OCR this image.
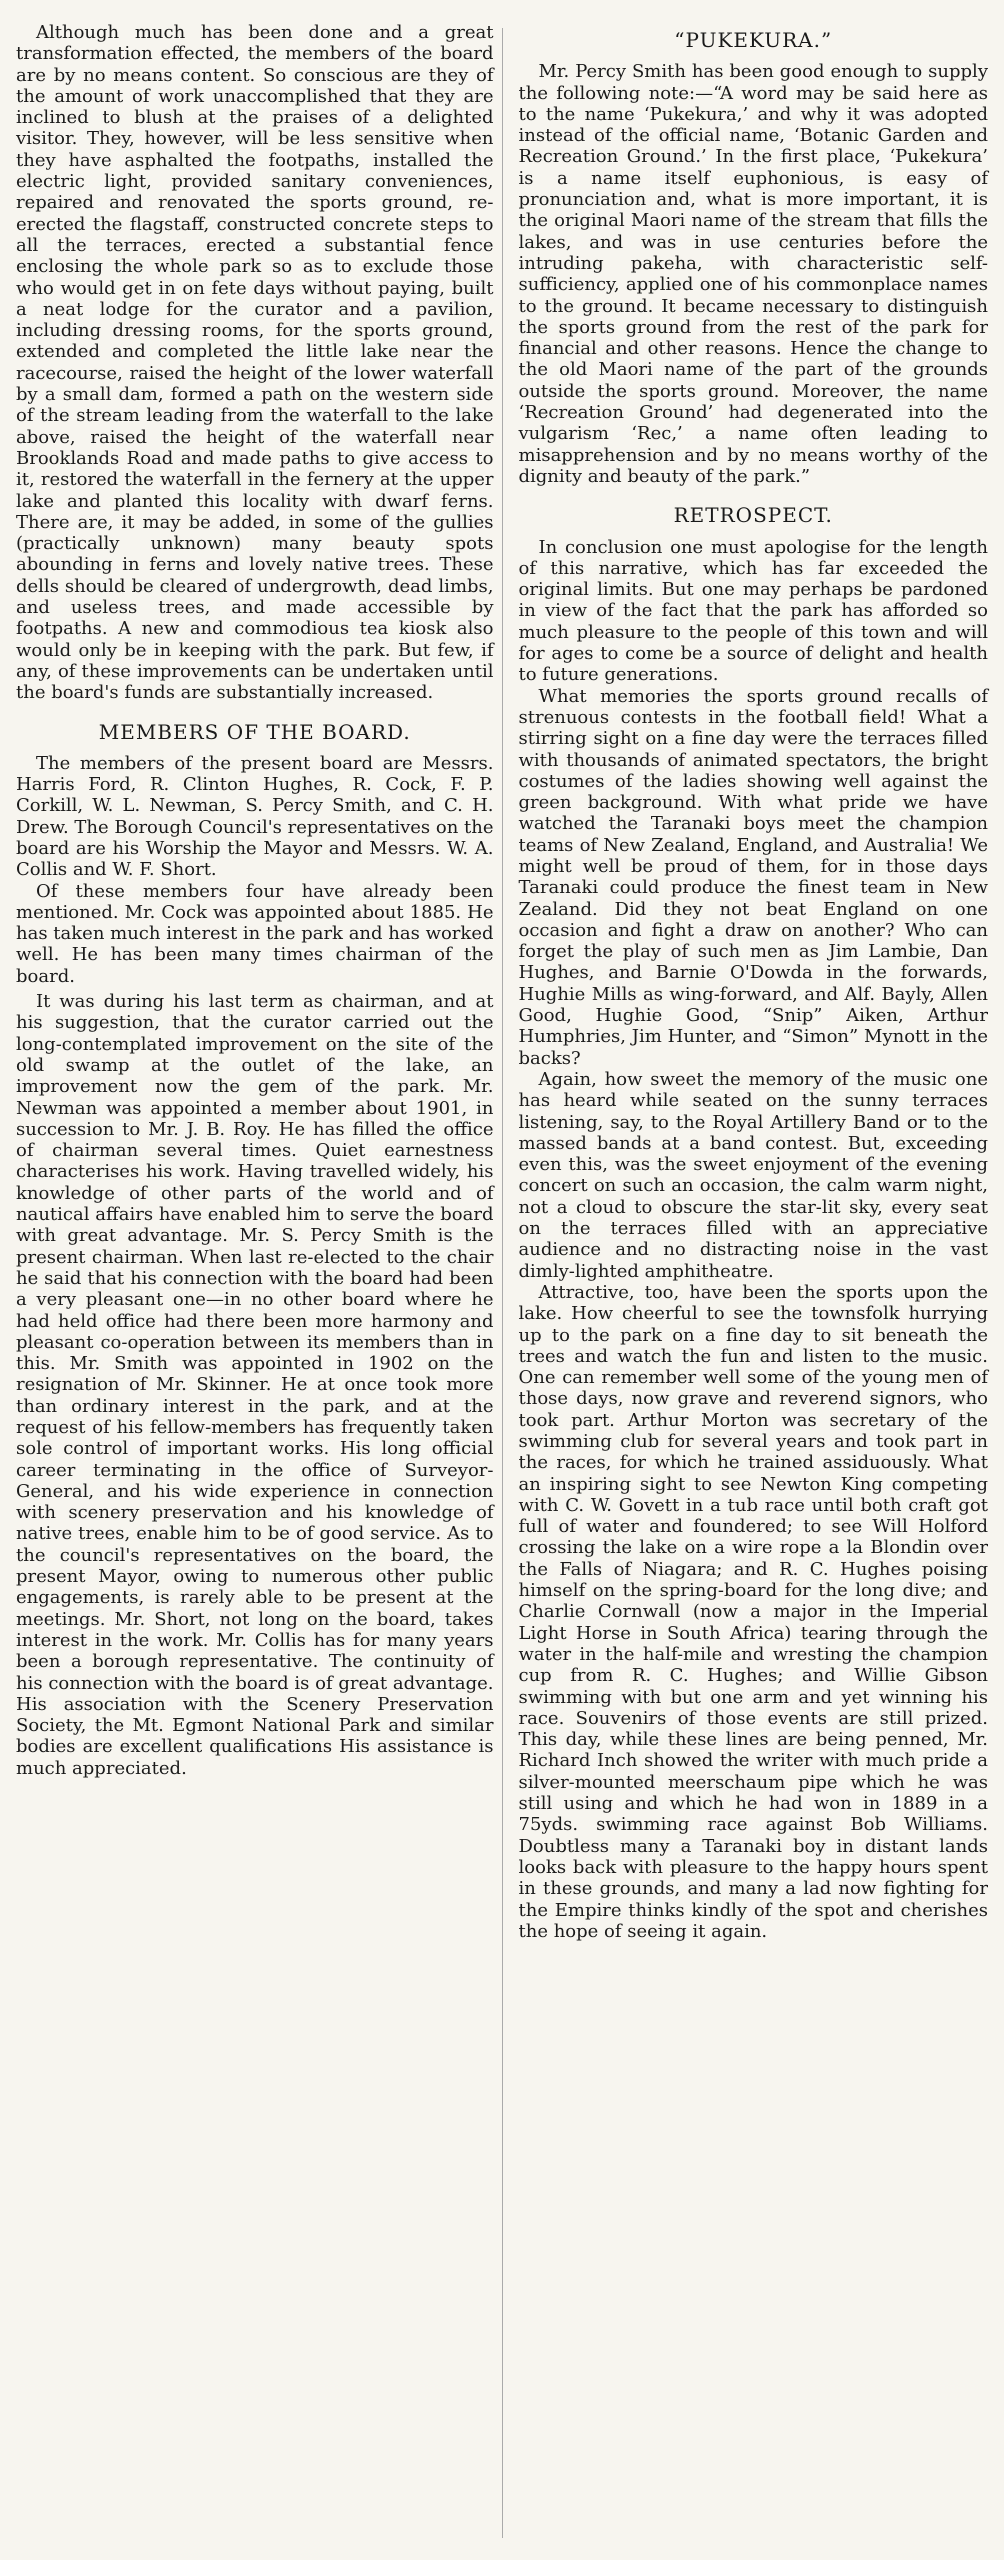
Although much has been done and a great transformation effected, the members of the board are by no means content. So conscious are they of the amount of work unaccomplished that they are inclined to blush at the praises of a delighted visitor. They, however, will be less sensitive when they have asphalted the footpaths, installed the electric light, provided sanitary conveniences, repaired and renovated the sports ground, re-erected the flagstaff, constructed concrete steps to all the terraces, erected a substantial fence enclosing the whole park so as to exclude those who would get in on fete days without paying, built a neat lodge for the curator and a pavilion, including dressing rooms, for the sports ground, extended and completed the little lake near the racecourse, raised the height of the lower waterfall by a small dam, formed a path on the western side of the stream leading from the waterfall to the lake above, raised the height of the waterfall near Brooklands Road and made paths to give access to it, restored the waterfall in the fernery at the upper lake and planted this locality with dwarf ferns. There are, it may be added, in some of the gullies (practically unknown) many beauty spots abounding in ferns and lovely native trees. These dells should be cleared of undergrowth, dead limbs, and useless trees, and made accessible by footpaths. A new and commodious tea kiosk also would only be in keeping with the park. But few, if any, of these improvements can be undertaken until the board's funds are substantially increased.

MEMBERS OF THE BOARD.

The members of the present board are Messrs. Harris Ford, R. Clinton Hughes, R. Cock, F. P. Corkill, W. L. Newman, S. Percy Smith, and C. H. Drew. The Borough Council's representatives on the board are his Worship the Mayor and Messrs. W. A. Collis and W. F. Short.

Of these members four have already been mentioned. Mr. Cock was appointed about 1885. He has taken much interest in the park and has worked well. He has been many times chairman of the board.

It was during his last term as chairman, and at his suggestion, that the curator carried out the long-contemplated improvement on the site of the old swamp at the outlet of the lake, an improvement now the gem of the park. Mr. Newman was appointed a member about 1901, in succession to Mr. J. B. Roy. He has filled the office of chairman several times. Quiet earnestness characterises his work. Having travelled widely, his knowledge of other parts of the world and of nautical affairs have enabled him to serve the board with great advantage. Mr. S. Percy Smith is the present chairman. When last re-elected to the chair he said that his connection with the board had been a very pleasant one—in no other board where he had held office had there been more harmony and pleasant co-operation between its members than in this. Mr. Smith was appointed in 1902 on the resignation of Mr. Skinner. He at once took more than ordinary interest in the park, and at the request of his fellow-members has frequently taken sole control of important works. His long official career terminating in the office of Surveyor-General, and his wide experience in connection with scenery preservation and his knowledge of native trees, enable him to be of good service. As to the council's representatives on the board, the present Mayor, owing to numerous other public engagements, is rarely able to be present at the meetings. Mr. Short, not long on the board, takes interest in the work. Mr. Collis has for many years been a borough representative. The continuity of his connection with the board is of great advantage. His association with the Scenery Preservation Society, the Mt. Egmont National Park and similar bodies are excellent qualifications His assistance is much appreciated.

“PUKEKURA.”

Mr. Percy Smith has been good enough to supply the following note:—“A word may be said here as to the name ‘Pukekura,’ and why it was adopted instead of the official name, ‘Botanic Garden and Recreation Ground.’ In the first place, ‘Pukekura’ is a name itself euphonious, is easy of pronunciation and, what is more important, it is the original Maori name of the stream that fills the lakes, and was in use centuries before the intruding pakeha, with characteristic self-sufficiency, applied one of his commonplace names to the ground. It became necessary to distinguish the sports ground from the rest of the park for financial and other reasons. Hence the change to the old Maori name of the part of the grounds outside the sports ground. Moreover, the name ‘Recreation Ground’ had degenerated into the vulgarism ‘Rec,’ a name often leading to misapprehension and by no means worthy of the dignity and beauty of the park.”

RETROSPECT.

In conclusion one must apologise for the length of this narrative, which has far exceeded the original limits. But one may perhaps be pardoned in view of the fact that the park has afforded so much pleasure to the people of this town and will for ages to come be a source of delight and health to future generations.

What memories the sports ground recalls of strenuous contests in the football field! What a stirring sight on a fine day were the terraces filled with thousands of animated spectators, the bright costumes of the ladies showing well against the green background. With what pride we have watched the Taranaki boys meet the champion teams of New Zealand, England, and Australia! We might well be proud of them, for in those days Taranaki could produce the finest team in New Zealand. Did they not beat England on one occasion and fight a draw on another? Who can forget the play of such men as Jim Lambie, Dan Hughes, and Barnie O'Dowda in the forwards, Hughie Mills as wing-forward, and Alf. Bayly, Allen Good, Hughie Good, “Snip” Aiken, Arthur Humphries, Jim Hunter, and “Simon” Mynott in the backs?

Again, how sweet the memory of the music one has heard while seated on the sunny terraces listening, say, to the Royal Artillery Band or to the massed bands at a band contest. But, exceeding even this, was the sweet enjoyment of the evening concert on such an occasion, the calm warm night, not a cloud to obscure the star-lit sky, every seat on the terraces filled with an appreciative audience and no distracting noise in the vast dimly-lighted amphitheatre.

Attractive, too, have been the sports upon the lake. How cheerful to see the townsfolk hurrying up to the park on a fine day to sit beneath the trees and watch the fun and listen to the music. One can remember well some of the young men of those days, now grave and reverend signors, who took part. Arthur Morton was secretary of the swimming club for several years and took part in the races, for which he trained assiduously. What an inspiring sight to see Newton King competing with C. W. Govett in a tub race until both craft got full of water and foundered; to see Will Holford crossing the lake on a wire rope a la Blondin over the Falls of Niagara; and R. C. Hughes poising himself on the spring-board for the long dive; and Charlie Cornwall (now a major in the Imperial Light Horse in South Africa) tearing through the water in the half-mile and wresting the champion cup from R. C. Hughes; and Willie Gibson swimming with but one arm and yet winning his race. Souvenirs of those events are still prized. This day, while these lines are being penned, Mr. Richard Inch showed the writer with much pride a silver-mounted meerschaum pipe which he was still using and which he had won in 1889 in a 75yds. swimming race against Bob Williams. Doubtless many a Taranaki boy in distant lands looks back with pleasure to the happy hours spent in these grounds, and many a lad now fighting for the Empire thinks kindly of the spot and cherishes the hope of seeing it again.
